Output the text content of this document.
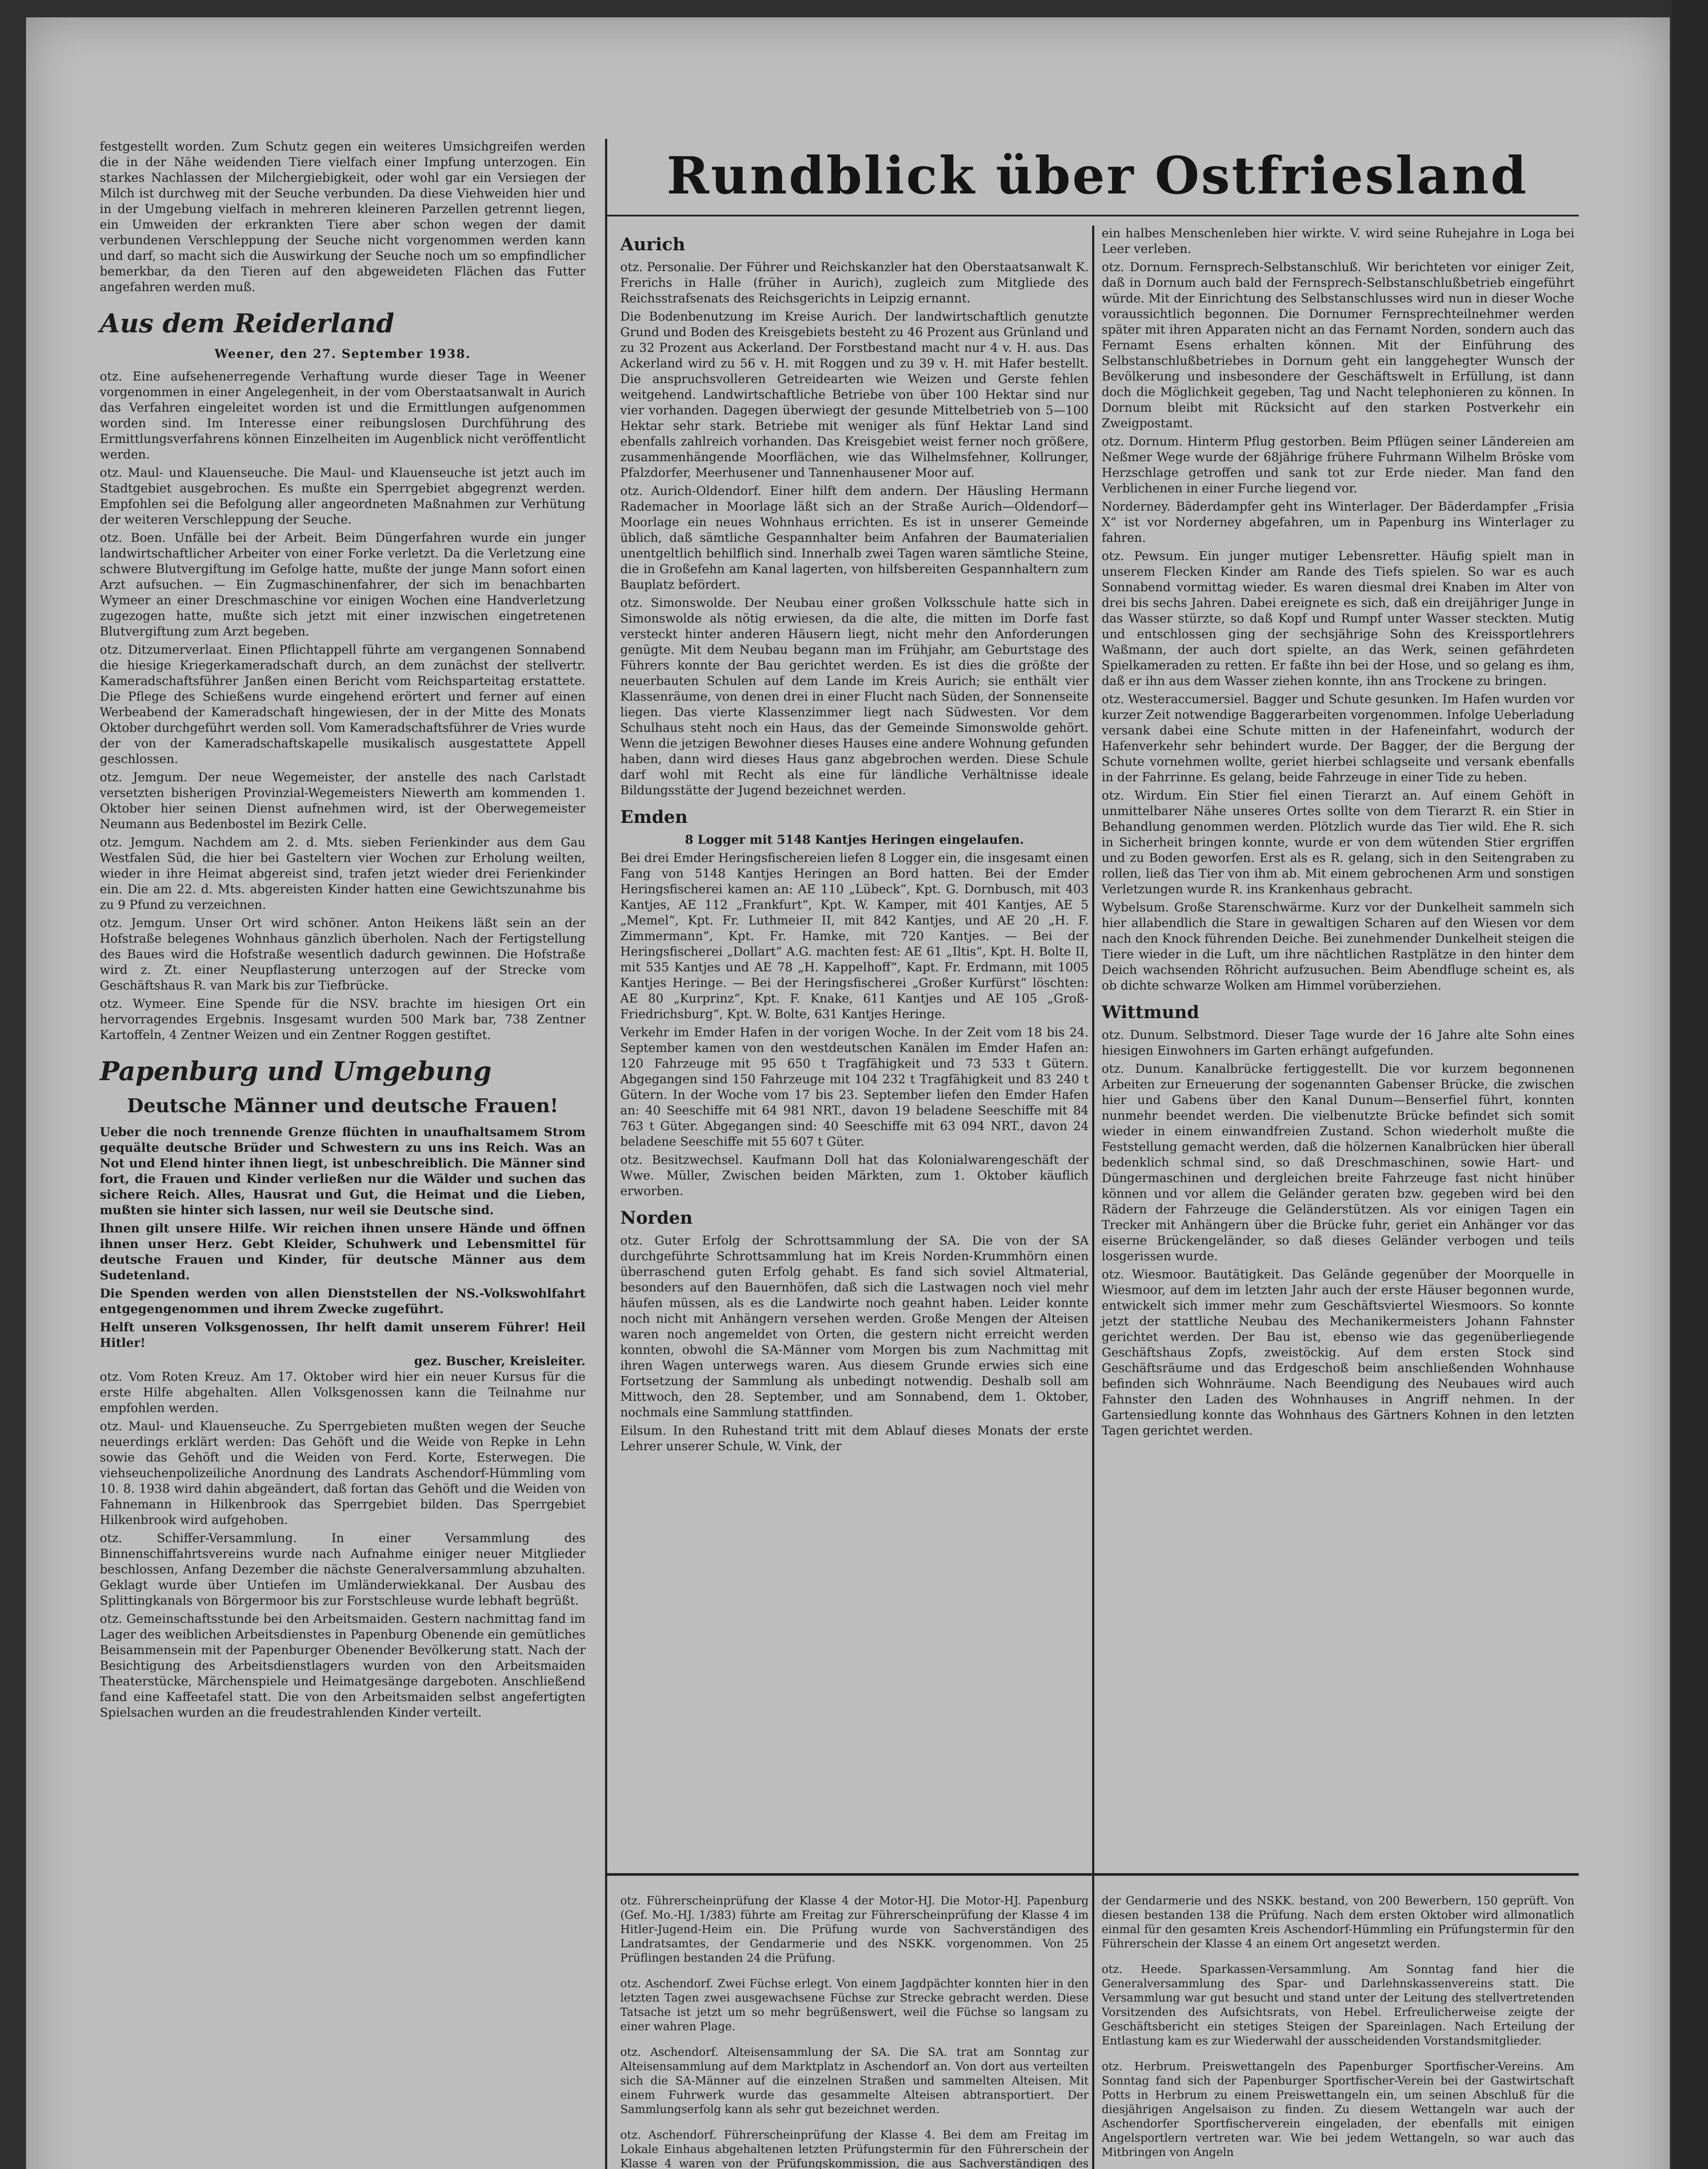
Rundblick über Ostfriesland

festgestellt worden. Zum Schutz gegen ein weiteres Umsichgreifen werden die in der Nähe weidenden Tiere vielfach einer Impfung unterzogen. Ein starkes Nachlassen der Milchergiebigkeit, oder wohl gar ein Versiegen der Milch ist durchweg mit der Seuche verbunden. Da diese Viehweiden hier und in der Umgebung vielfach in mehreren kleineren Parzellen getrennt liegen, ein Umweiden der erkrankten Tiere aber schon wegen der damit verbundenen Verschleppung der Seuche nicht vorgenommen werden kann und darf, so macht sich die Auswirkung der Seuche noch um so empfindlicher bemerkbar, da den Tieren auf den abgeweideten Flächen das Futter angefahren werden muß.

Aus dem Reiderland
Weener, den 27. September 1938.

otz. Eine aufsehenerregende Verhaftung wurde dieser Tage in Weener vorgenommen in einer Angelegenheit, in der vom Oberstaatsanwalt in Aurich das Verfahren eingeleitet worden ist und die Ermittlungen aufgenommen worden sind. Im Interesse einer reibungslosen Durchführung des Ermittlungsverfahrens können Einzelheiten im Augenblick nicht veröffentlicht werden.

otz. Maul- und Klauenseuche. Die Maul- und Klauenseuche ist jetzt auch im Stadtgebiet ausgebrochen. Es mußte ein Sperrgebiet abgegrenzt werden. Empfohlen sei die Befolgung aller angeordneten Maßnahmen zur Verhütung der weiteren Verschleppung der Seuche.

otz. Boen. Unfälle bei der Arbeit. Beim Düngerfahren wurde ein junger landwirtschaftlicher Arbeiter von einer Forke verletzt. Da die Verletzung eine schwere Blutvergiftung im Gefolge hatte, mußte der junge Mann sofort einen Arzt aufsuchen. — Ein Zugmaschinenfahrer, der sich im benachbarten Wymeer an einer Dreschmaschine vor einigen Wochen eine Handverletzung zugezogen hatte, mußte sich jetzt mit einer inzwischen eingetretenen Blutvergiftung zum Arzt begeben.

otz. Ditzumerverlaat. Einen Pflichtappell führte am vergangenen Sonnabend die hiesige Kriegerkameradschaft durch, an dem zunächst der stellvertr. Kameradschaftsführer Janßen einen Bericht vom Reichsparteitag erstattete. Die Pflege des Schießens wurde eingehend erörtert und ferner auf einen Werbeabend der Kameradschaft hingewiesen, der in der Mitte des Monats Oktober durchgeführt werden soll. Vom Kameradschaftsführer de Vries wurde der von der Kameradschaftskapelle musikalisch ausgestattete Appell geschlossen.

otz. Jemgum. Der neue Wegemeister, der anstelle des nach Carlstadt versetzten bisherigen Provinzial-Wegemeisters Niewerth am kommenden 1. Oktober hier seinen Dienst aufnehmen wird, ist der Oberwegemeister Neumann aus Bedenbostel im Bezirk Celle.

otz. Jemgum. Nachdem am 2. d. Mts. sieben Ferienkinder aus dem Gau Westfalen Süd, die hier bei Gasteltern vier Wochen zur Erholung weilten, wieder in ihre Heimat abgereist sind, trafen jetzt wieder drei Ferienkinder ein. Die am 22. d. Mts. abgereisten Kinder hatten eine Gewichtszunahme bis zu 9 Pfund zu verzeichnen.

otz. Jemgum. Unser Ort wird schöner. Anton Heikens läßt sein an der Hofstraße belegenes Wohnhaus gänzlich überholen. Nach der Fertigstellung des Baues wird die Hofstraße wesentlich dadurch gewinnen. Die Hofstraße wird z. Zt. einer Neupflasterung unterzogen auf der Strecke vom Geschäftshaus R. van Mark bis zur Tiefbrücke.

otz. Wymeer. Eine Spende für die NSV. brachte im hiesigen Ort ein hervorragendes Ergebnis. Insgesamt wurden 500 Mark bar, 738 Zentner Kartoffeln, 4 Zentner Weizen und ein Zentner Roggen gestiftet.

Papenburg und Umgebung
Deutsche Männer und deutsche Frauen!

Ueber die noch trennende Grenze flüchten in unaufhaltsamem Strom gequälte deutsche Brüder und Schwestern zu uns ins Reich. Was an Not und Elend hinter ihnen liegt, ist unbeschreiblich. Die Männer sind fort, die Frauen und Kinder verließen nur die Wälder und suchen das sichere Reich. Alles, Hausrat und Gut, die Heimat und die Lieben, mußten sie hinter sich lassen, nur weil sie Deutsche sind.

Ihnen gilt unsere Hilfe. Wir reichen ihnen unsere Hände und öffnen ihnen unser Herz. Gebt Kleider, Schuhwerk und Lebensmittel für deutsche Frauen und Kinder, für deutsche Männer aus dem Sudetenland.

Die Spenden werden von allen Dienststellen der NS.-Volkswohlfahrt entgegengenommen und ihrem Zwecke zugeführt.

Helft unseren Volksgenossen, Ihr helft damit unserem Führer! Heil Hitler!

gez. Buscher, Kreisleiter.

otz. Vom Roten Kreuz. Am 17. Oktober wird hier ein neuer Kursus für die erste Hilfe abgehalten. Allen Volksgenossen kann die Teilnahme nur empfohlen werden.

otz. Maul- und Klauenseuche. Zu Sperrgebieten mußten wegen der Seuche neuerdings erklärt werden: Das Gehöft und die Weide von Repke in Lehn sowie das Gehöft und die Weiden von Ferd. Korte, Esterwegen. Die viehseuchenpolizeiliche Anordnung des Landrats Aschendorf-Hümmling vom 10. 8. 1938 wird dahin abgeändert, daß fortan das Gehöft und die Weiden von Fahnemann in Hilkenbrook das Sperrgebiet bilden. Das Sperrgebiet Hilkenbrook wird aufgehoben.

otz. Schiffer-Versammlung. In einer Versammlung des Binnenschiffahrtsvereins wurde nach Aufnahme einiger neuer Mitglieder beschlossen, Anfang Dezember die nächste Generalversammlung abzuhalten. Geklagt wurde über Untiefen im Umländerwiekkanal. Der Ausbau des Splittingkanals von Börgermoor bis zur Forstschleuse wurde lebhaft begrüßt.

otz. Gemeinschaftsstunde bei den Arbeitsmaiden. Gestern nachmittag fand im Lager des weiblichen Arbeitsdienstes in Papenburg Obenende ein gemütliches Beisammensein mit der Papenburger Obenender Bevölkerung statt. Nach der Besichtigung des Arbeitsdienstlagers wurden von den Arbeitsmaiden Theaterstücke, Märchenspiele und Heimatgesänge dargeboten. Anschließend fand eine Kaffeetafel statt. Die von den Arbeitsmaiden selbst angefertigten Spielsachen wurden an die freudestrahlenden Kinder verteilt.

Aurich

otz. Personalie. Der Führer und Reichskanzler hat den Oberstaatsanwalt K. Frerichs in Halle (früher in Aurich), zugleich zum Mitgliede des Reichsstrafsenats des Reichsgerichts in Leipzig ernannt.

Die Bodenbenutzung im Kreise Aurich. Der landwirtschaftlich genutzte Grund und Boden des Kreisgebiets besteht zu 46 Prozent aus Grünland und zu 32 Prozent aus Ackerland. Der Forstbestand macht nur 4 v. H. aus. Das Ackerland wird zu 56 v. H. mit Roggen und zu 39 v. H. mit Hafer bestellt. Die anspruchsvolleren Getreidearten wie Weizen und Gerste fehlen weitgehend. Landwirtschaftliche Betriebe von über 100 Hektar sind nur vier vorhanden. Dagegen überwiegt der gesunde Mittelbetrieb von 5—100 Hektar sehr stark. Betriebe mit weniger als fünf Hektar Land sind ebenfalls zahlreich vorhanden. Das Kreisgebiet weist ferner noch größere, zusammenhängende Moorflächen, wie das Wilhelmsfehner, Kollrunger, Pfalzdorfer, Meerhusener und Tannenhausener Moor auf.

otz. Aurich-Oldendorf. Einer hilft dem andern. Der Häusling Hermann Rademacher in Moorlage läßt sich an der Straße Aurich—Oldendorf—Moorlage ein neues Wohnhaus errichten. Es ist in unserer Gemeinde üblich, daß sämtliche Gespannhalter beim Anfahren der Baumaterialien unentgeltlich behilflich sind. Innerhalb zwei Tagen waren sämtliche Steine, die in Großefehn am Kanal lagerten, von hilfsbereiten Gespannhaltern zum Bauplatz befördert.

otz. Simonswolde. Der Neubau einer großen Volksschule hatte sich in Simonswolde als nötig erwiesen, da die alte, die mitten im Dorfe fast versteckt hinter anderen Häusern liegt, nicht mehr den Anforderungen genügte. Mit dem Neubau begann man im Frühjahr, am Geburtstage des Führers konnte der Bau gerichtet werden. Es ist dies die größte der neuerbauten Schulen auf dem Lande im Kreis Aurich; sie enthält vier Klassenräume, von denen drei in einer Flucht nach Süden, der Sonnenseite liegen. Das vierte Klassenzimmer liegt nach Südwesten. Vor dem Schulhaus steht noch ein Haus, das der Gemeinde Simonswolde gehört. Wenn die jetzigen Bewohner dieses Hauses eine andere Wohnung gefunden haben, dann wird dieses Haus ganz abgebrochen werden. Diese Schule darf wohl mit Recht als eine für ländliche Verhältnisse ideale Bildungsstätte der Jugend bezeichnet werden.

Emden

8 Logger mit 5148 Kantjes Heringen eingelaufen.

Bei drei Emder Heringsfischereien liefen 8 Logger ein, die insgesamt einen Fang von 5148 Kantjes Heringen an Bord hatten. Bei der Emder Heringsfischerei kamen an: AE 110 „Lübeck“, Kpt. G. Dornbusch, mit 403 Kantjes, AE 112 „Frankfurt“, Kpt. W. Kamper, mit 401 Kantjes, AE 5 „Memel“, Kpt. Fr. Luthmeier II, mit 842 Kantjes, und AE 20 „H. F. Zimmermann“, Kpt. Fr. Hamke, mit 720 Kantjes. — Bei der Heringsfischerei „Dollart“ A.G. machten fest: AE 61 „Iltis“, Kpt. H. Bolte II, mit 535 Kantjes und AE 78 „H. Kappelhoff“, Kapt. Fr. Erdmann, mit 1005 Kantjes Heringe. — Bei der Heringsfischerei „Großer Kurfürst“ löschten: AE 80 „Kurprinz“, Kpt. F. Knake, 611 Kantjes und AE 105 „Groß-Friedrichsburg“, Kpt. W. Bolte, 631 Kantjes Heringe.

Verkehr im Emder Hafen in der vorigen Woche. In der Zeit vom 18 bis 24. September kamen von den westdeutschen Kanälen im Emder Hafen an: 120 Fahrzeuge mit 95 650 t Tragfähigkeit und 73 533 t Gütern. Abgegangen sind 150 Fahrzeuge mit 104 232 t Tragfähigkeit und 83 240 t Gütern. In der Woche vom 17 bis 23. September liefen den Emder Hafen an: 40 Seeschiffe mit 64 981 NRT., davon 19 beladene Seeschiffe mit 84 763 t Güter. Abgegangen sind: 40 Seeschiffe mit 63 094 NRT., davon 24 beladene Seeschiffe mit 55 607 t Güter.

otz. Besitzwechsel. Kaufmann Doll hat das Kolonialwarengeschäft der Wwe. Müller, Zwischen beiden Märkten, zum 1. Oktober käuflich erworben.

Norden

otz. Guter Erfolg der Schrottsammlung der SA. Die von der SA durchgeführte Schrottsammlung hat im Kreis Norden-Krummhörn einen überraschend guten Erfolg gehabt. Es fand sich soviel Altmaterial, besonders auf den Bauernhöfen, daß sich die Lastwagen noch viel mehr häufen müssen, als es die Landwirte noch geahnt haben. Leider konnte noch nicht mit Anhängern versehen werden. Große Mengen der Alteisen waren noch angemeldet von Orten, die gestern nicht erreicht werden konnten, obwohl die SA-Männer vom Morgen bis zum Nachmittag mit ihren Wagen unterwegs waren. Aus diesem Grunde erwies sich eine Fortsetzung der Sammlung als unbedingt notwendig. Deshalb soll am Mittwoch, den 28. September, und am Sonnabend, dem 1. Oktober, nochmals eine Sammlung stattfinden.

Eilsum. In den Ruhestand tritt mit dem Ablauf dieses Monats der erste Lehrer unserer Schule, W. Vink, der

ein halbes Menschenleben hier wirkte. V. wird seine Ruhejahre in Loga bei Leer verleben.

otz. Dornum. Fernsprech-Selbstanschluß. Wir berichteten vor einiger Zeit, daß in Dornum auch bald der Fernsprech-Selbstanschlußbetrieb eingeführt würde. Mit der Einrichtung des Selbstanschlusses wird nun in dieser Woche voraussichtlich begonnen. Die Dornumer Fernsprechteilnehmer werden später mit ihren Apparaten nicht an das Fernamt Norden, sondern auch das Fernamt Esens erhalten können. Mit der Einführung des Selbstanschlußbetriebes in Dornum geht ein langgehegter Wunsch der Bevölkerung und insbesondere der Geschäftswelt in Erfüllung, ist dann doch die Möglichkeit gegeben, Tag und Nacht telephonieren zu können. In Dornum bleibt mit Rücksicht auf den starken Postverkehr ein Zweigpostamt.

otz. Dornum. Hinterm Pflug gestorben. Beim Pflügen seiner Ländereien am Neßmer Wege wurde der 68jährige frühere Fuhrmann Wilhelm Bröske vom Herzschlage getroffen und sank tot zur Erde nieder. Man fand den Verblichenen in einer Furche liegend vor.

Norderney. Bäderdampfer geht ins Winterlager. Der Bäderdampfer „Frisia X“ ist vor Norderney abgefahren, um in Papenburg ins Winterlager zu fahren.

otz. Pewsum. Ein junger mutiger Lebensretter. Häufig spielt man in unserem Flecken Kinder am Rande des Tiefs spielen. So war es auch Sonnabend vormittag wieder. Es waren diesmal drei Knaben im Alter von drei bis sechs Jahren. Dabei ereignete es sich, daß ein dreijähriger Junge in das Wasser stürzte, so daß Kopf und Rumpf unter Wasser steckten. Mutig und entschlossen ging der sechsjährige Sohn des Kreissportlehrers Waßmann, der auch dort spielte, an das Werk, seinen gefährdeten Spielkameraden zu retten. Er faßte ihn bei der Hose, und so gelang es ihm, daß er ihn aus dem Wasser ziehen konnte, ihn ans Trockene zu bringen.

otz. Westeraccumersiel. Bagger und Schute gesunken. Im Hafen wurden vor kurzer Zeit notwendige Baggerarbeiten vorgenommen. Infolge Ueberladung versank dabei eine Schute mitten in der Hafeneinfahrt, wodurch der Hafenverkehr sehr behindert wurde. Der Bagger, der die Bergung der Schute vornehmen wollte, geriet hierbei schlagseite und versank ebenfalls in der Fahrrinne. Es gelang, beide Fahrzeuge in einer Tide zu heben.

otz. Wirdum. Ein Stier fiel einen Tierarzt an. Auf einem Gehöft in unmittelbarer Nähe unseres Ortes sollte von dem Tierarzt R. ein Stier in Behandlung genommen werden. Plötzlich wurde das Tier wild. Ehe R. sich in Sicherheit bringen konnte, wurde er von dem wütenden Stier ergriffen und zu Boden geworfen. Erst als es R. gelang, sich in den Seitengraben zu rollen, ließ das Tier von ihm ab. Mit einem gebrochenen Arm und sonstigen Verletzungen wurde R. ins Krankenhaus gebracht.

Wybelsum. Große Starenschwärme. Kurz vor der Dunkelheit sammeln sich hier allabendlich die Stare in gewaltigen Scharen auf den Wiesen vor dem nach den Knock führenden Deiche. Bei zunehmender Dunkelheit steigen die Tiere wieder in die Luft, um ihre nächtlichen Rastplätze in den hinter dem Deich wachsenden Röhricht aufzusuchen. Beim Abendfluge scheint es, als ob dichte schwarze Wolken am Himmel vorüberziehen.

Wittmund

otz. Dunum. Selbstmord. Dieser Tage wurde der 16 Jahre alte Sohn eines hiesigen Einwohners im Garten erhängt aufgefunden.

otz. Dunum. Kanalbrücke fertiggestellt. Die vor kurzem begonnenen Arbeiten zur Erneuerung der sogenannten Gabenser Brücke, die zwischen hier und Gabens über den Kanal Dunum—Benserfiel führt, konnten nunmehr beendet werden. Die vielbenutzte Brücke befindet sich somit wieder in einem einwandfreien Zustand. Schon wiederholt mußte die Feststellung gemacht werden, daß die hölzernen Kanalbrücken hier überall bedenklich schmal sind, so daß Dreschmaschinen, sowie Hart- und Düngermaschinen und dergleichen breite Fahrzeuge fast nicht hinüber können und vor allem die Geländer geraten bzw. gegeben wird bei den Rädern der Fahrzeuge die Geländerstützen. Als vor einigen Tagen ein Trecker mit Anhängern über die Brücke fuhr, geriet ein Anhänger vor das eiserne Brückengeländer, so daß dieses Geländer verbogen und teils losgerissen wurde.

otz. Wiesmoor. Bautätigkeit. Das Gelände gegenüber der Moorquelle in Wiesmoor, auf dem im letzten Jahr auch der erste Häuser begonnen wurde, entwickelt sich immer mehr zum Geschäftsviertel Wiesmoors. So konnte jetzt der stattliche Neubau des Mechanikermeisters Johann Fahnster gerichtet werden. Der Bau ist, ebenso wie das gegenüberliegende Geschäftshaus Zopfs, zweistöckig. Auf dem ersten Stock sind Geschäftsräume und das Erdgeschoß beim anschließenden Wohnhause befinden sich Wohnräume. Nach Beendigung des Neubaues wird auch Fahnster den Laden des Wohnhauses in Angriff nehmen. In der Gartensiedlung konnte das Wohnhaus des Gärtners Kohnen in den letzten Tagen gerichtet werden.

otz. Führerscheinprüfung der Klasse 4 der Motor-HJ. Die Motor-HJ. Papenburg (Gef. Mo.-HJ. 1/383) führte am Freitag zur Führerscheinprüfung der Klasse 4 im Hitler-Jugend-Heim ein. Die Prüfung wurde von Sachverständigen des Landratsamtes, der Gendarmerie und des NSKK. vorgenommen. Von 25 Prüflingen bestanden 24 die Prüfung.

otz. Aschendorf. Zwei Füchse erlegt. Von einem Jagdpächter konnten hier in den letzten Tagen zwei ausgewachsene Füchse zur Strecke gebracht werden. Diese Tatsache ist jetzt um so mehr begrüßenswert, weil die Füchse so langsam zu einer wahren Plage.

otz. Aschendorf. Alteisensammlung der SA. Die SA. trat am Sonntag zur Alteisensammlung auf dem Marktplatz in Aschendorf an. Von dort aus verteilten sich die SA-Männer auf die einzelnen Straßen und sammelten Alteisen. Mit einem Fuhrwerk wurde das gesammelte Alteisen abtransportiert. Der Sammlungserfolg kann als sehr gut bezeichnet werden.

otz. Aschendorf. Führerscheinprüfung der Klasse 4. Bei dem am Freitag im Lokale Einhaus abgehaltenen letzten Prüfungstermin für den Führerschein der Klasse 4 waren von der Prüfungskommission, die aus Sachverständigen des

der Gendarmerie und des NSKK. bestand, von 200 Bewerbern, 150 geprüft. Von diesen bestanden 138 die Prüfung. Nach dem ersten Oktober wird allmonatlich einmal für den gesamten Kreis Aschendorf-Hümmling ein Prüfungstermin für den Führerschein der Klasse 4 an einem Ort angesetzt werden.

otz. Heede. Sparkassen-Versammlung. Am Sonntag fand hier die Generalversammlung des Spar- und Darlehnskassenvereins statt. Die Versammlung war gut besucht und stand unter der Leitung des stellvertretenden Vorsitzenden des Aufsichtsrats, von Hebel. Erfreulicherweise zeigte der Geschäftsbericht ein stetiges Steigen der Spareinlagen. Nach Erteilung der Entlastung kam es zur Wiederwahl der ausscheidenden Vorstandsmitglieder.

otz. Herbrum. Preiswettangeln des Papenburger Sportfischer-Vereins. Am Sonntag fand sich der Papenburger Sportfischer-Verein bei der Gastwirtschaft Potts in Herbrum zu einem Preiswettangeln ein, um seinen Abschluß für die diesjährigen Angelsaison zu finden. Zu diesem Wettangeln war auch der Aschendorfer Sportfischerverein eingeladen, der ebenfalls mit einigen Angelsportlern vertreten war. Wie bei jedem Wettangeln, so war auch das Mitbringen von Angeln
